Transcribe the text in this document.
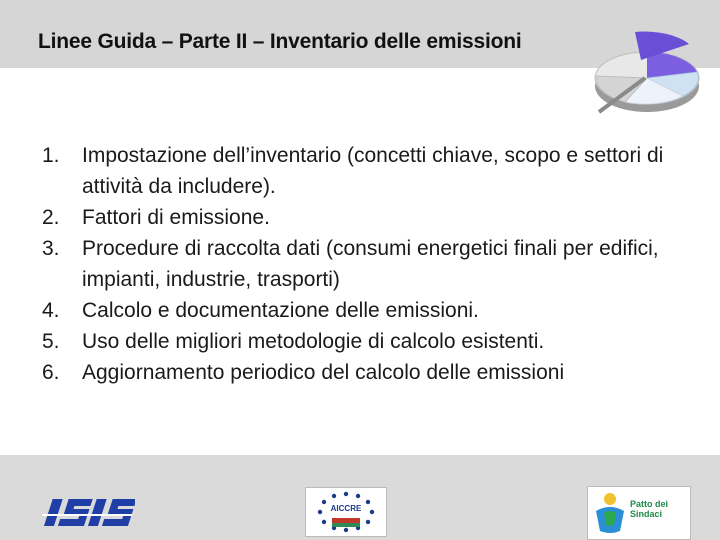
Linee Guida – Parte II – Inventario delle emissioni
1. Impostazione dell’inventario (concetti chiave, scopo e settori di attività da includere).
2. Fattori di emissione.
3. Procedure di raccolta dati (consumi energetici finali per edifici, impianti, industrie, trasporti)
4. Calcolo e documentazione delle emissioni.
5. Uso delle migliori metodologie di calcolo esistenti.
6. Aggiornamento periodico del calcolo delle emissioni
AICCRE	Patto dei Sindaci
